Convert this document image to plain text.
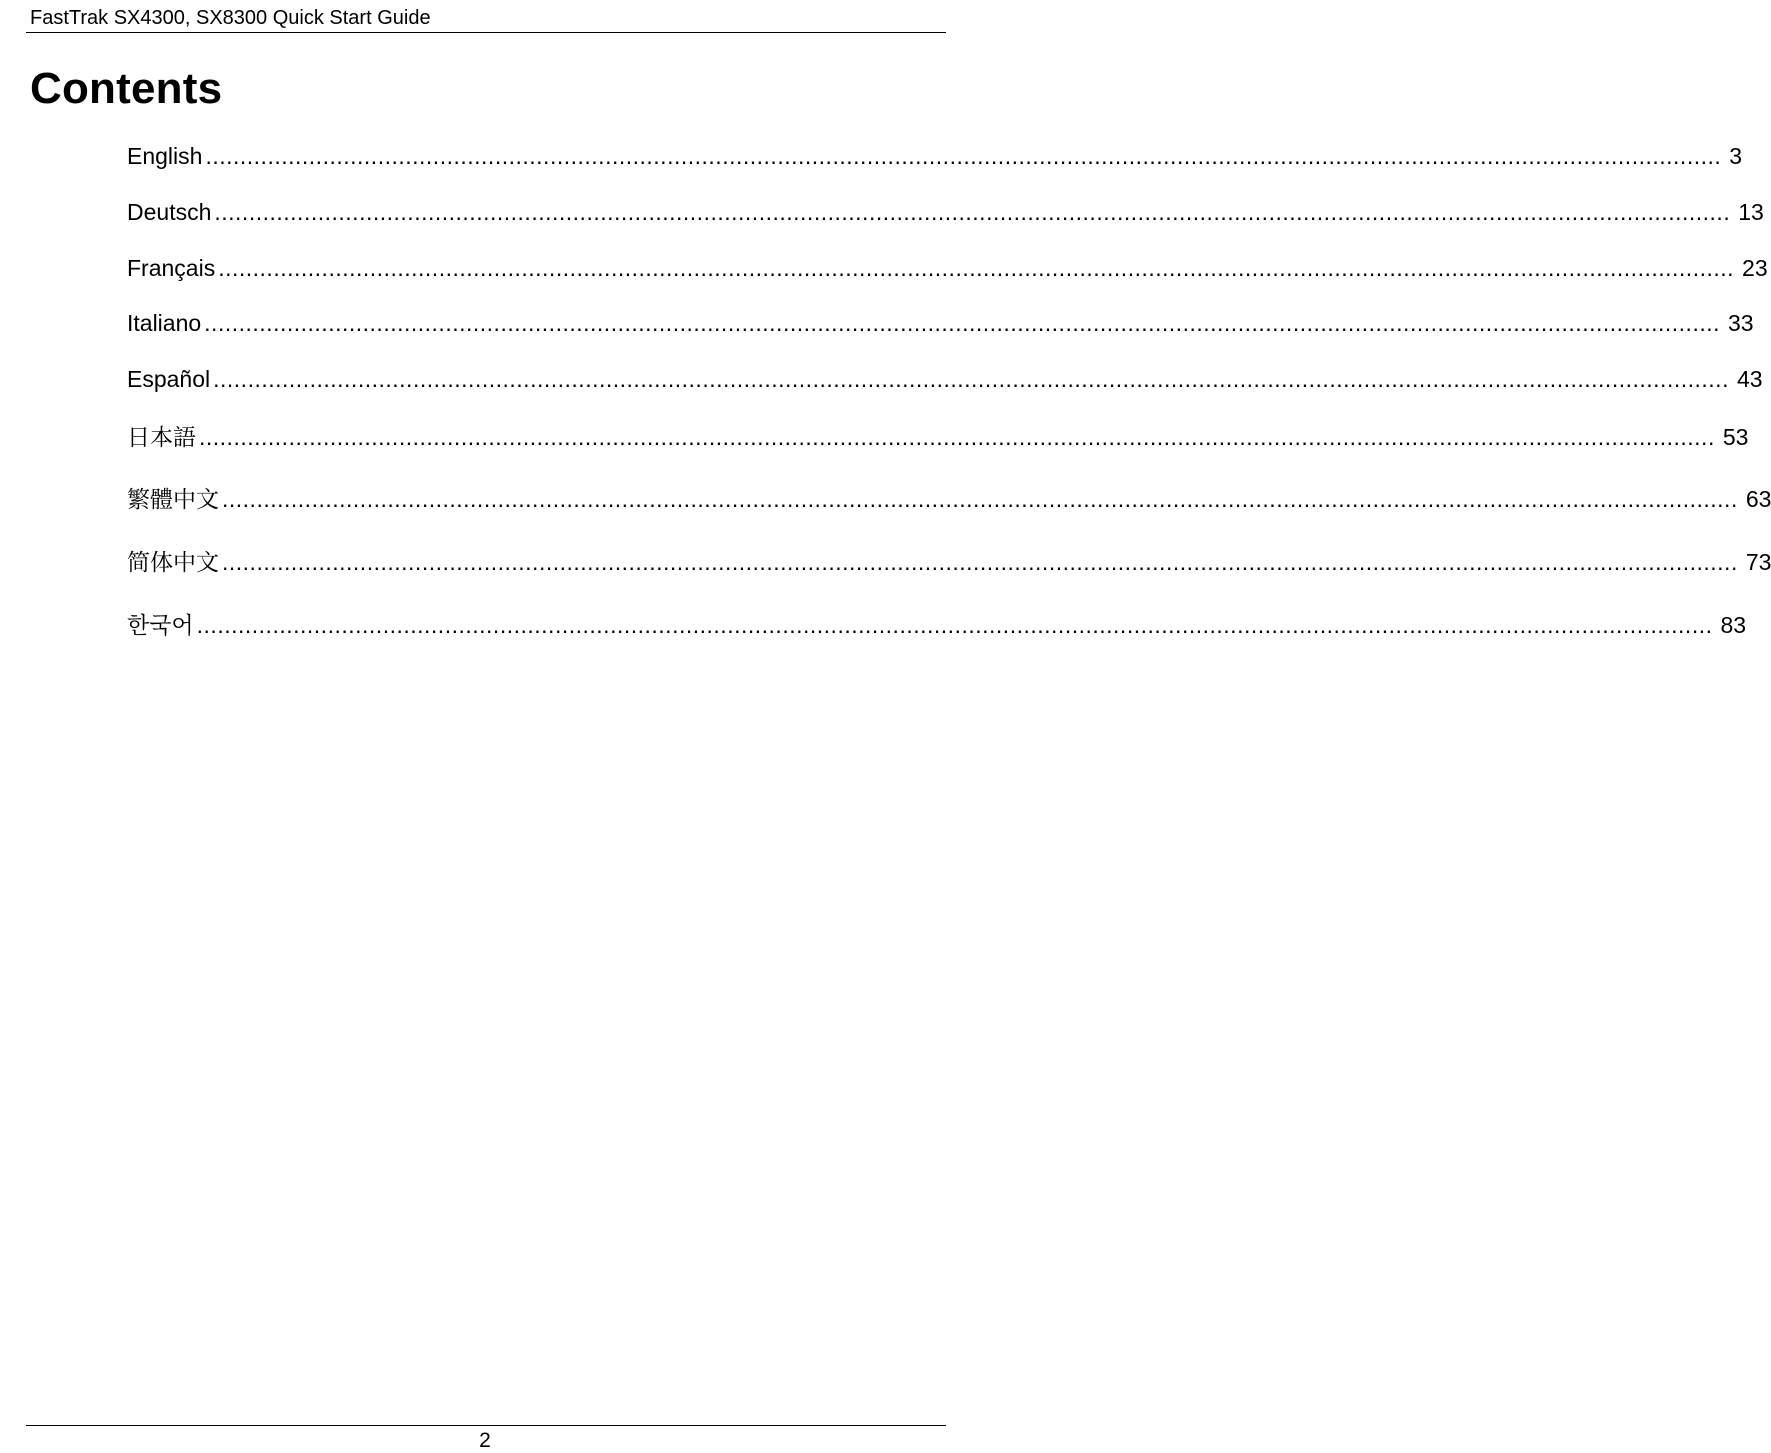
FastTrak SX4300, SX8300 Quick Start Guide
Contents
English ............................................................................................................................................................................................................................ 3
Deutsch ............................................................................................................................................................................................................................ 13
Français ............................................................................................................................................................................................................................ 23
Italiano ............................................................................................................................................................................................................................ 33
Español ............................................................................................................................................................................................................................ 43
日本語 ............................................................................................................................................................................................................................ 53
繁體中文 ............................................................................................................................................................................................................................ 63
简体中文 ............................................................................................................................................................................................................................ 73
한국어 ............................................................................................................................................................................................................................ 83
2
